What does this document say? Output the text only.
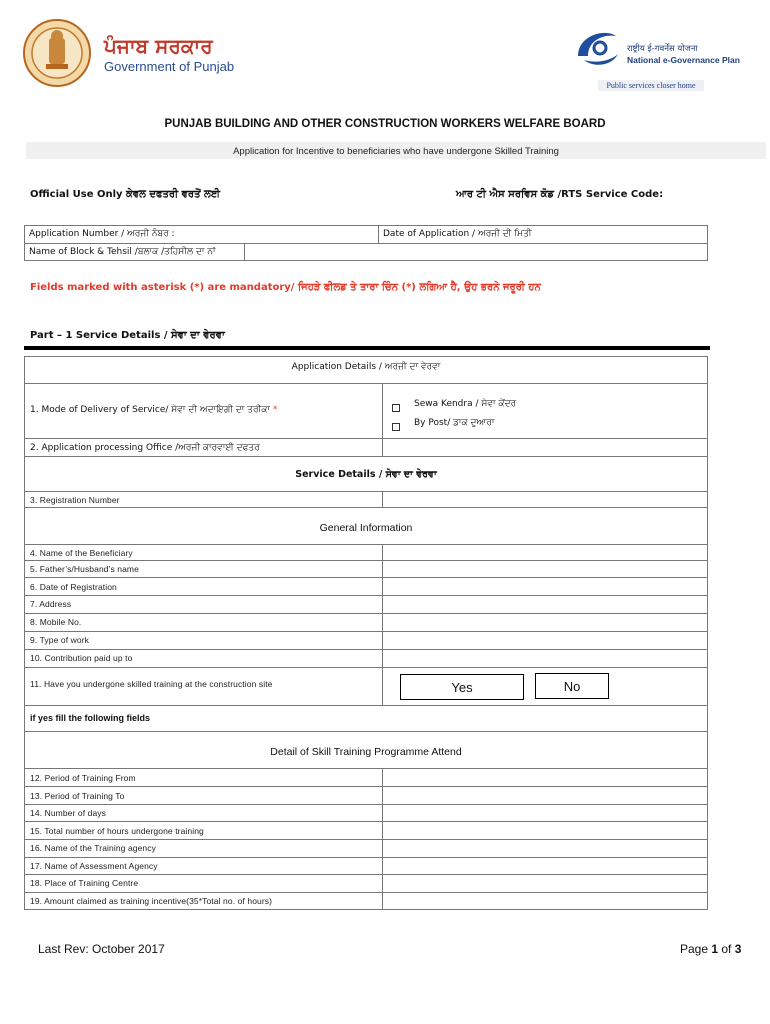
ਪੰਜਾਬ ਸਰਕਾਰ
Government of Punjab
राष्ट्रीय ई-गवर्नेंस योजना
National e-Governance Plan
Public services closer home
PUNJAB BUILDING AND OTHER CONSTRUCTION WORKERS WELFARE BOARD
Application for Incentive to beneficiaries who have undergone Skilled Training
Official Use Only ਕੇਵਲ ਦਫਤਰੀ ਵਰਤੋਂ ਲਈ	ਆਰ ਟੀ ਐਸ ਸਰਵਿਸ ਕੋਡ /RTS Service Code:
Application Number / ਅਰਜੀ ਨੰਬਰ :	Date of Application / ਅਰਜੀ ਦੀ ਮਿਤੀ
Name of Block & Tehsil /ਬਲਾਕ /ਤਹਿਸੀਲ ਦਾ ਨਾਂ
Fields marked with asterisk (*) are mandatory/ ਜਿਹੜੇ ਫੀਲਡ ਤੇ ਤਾਰਾ ਚਿੰਨ (*) ਲਗਿਆ ਹੈ, ਉਹ ਭਰਨੇ ਜਰੂਰੀ ਹਨ
Part – 1 Service Details / ਸੇਵਾ ਦਾ ਵੇਰਵਾ
Application Details / ਅਰਜ਼ੀ ਦਾ ਵੇਰਵਾ
1. Mode of Delivery of Service/ ਸੇਵਾ ਦੀ ਅਦਾਇਗੀ ਦਾ ਤਰੀਕਾ *
Sewa Kendra / ਸੇਵਾ ਕੇਂਦਰ
By Post/ ਡਾਕ ਦੁਆਰਾ
2. Application processing Office /ਅਰਜੀ ਕਾਰਵਾਈ ਦਫਤਰ
Service Details / ਸੇਵਾ ਦਾ ਵੇਰਵਾ
3. Registration Number
General Information
4. Name of the Beneficiary
5. Father’s/Husband’s name
6. Date of Registration
7. Address
8. Mobile No.
9. Type of work
10. Contribution paid up to
11. Have you undergone skilled training at the construction site	Yes	No
if yes fill the following fields
Detail of Skill Training Programme Attend
12. Period of Training From
13. Period of Training To
14. Number of days
15. Total number of hours undergone training
16. Name of the Training agency
17. Name of Assessment Agency
18. Place of Training Centre
19. Amount claimed as training incentive(35*Total no. of hours)
Last Rev: October 2017	Page 1 of 3
